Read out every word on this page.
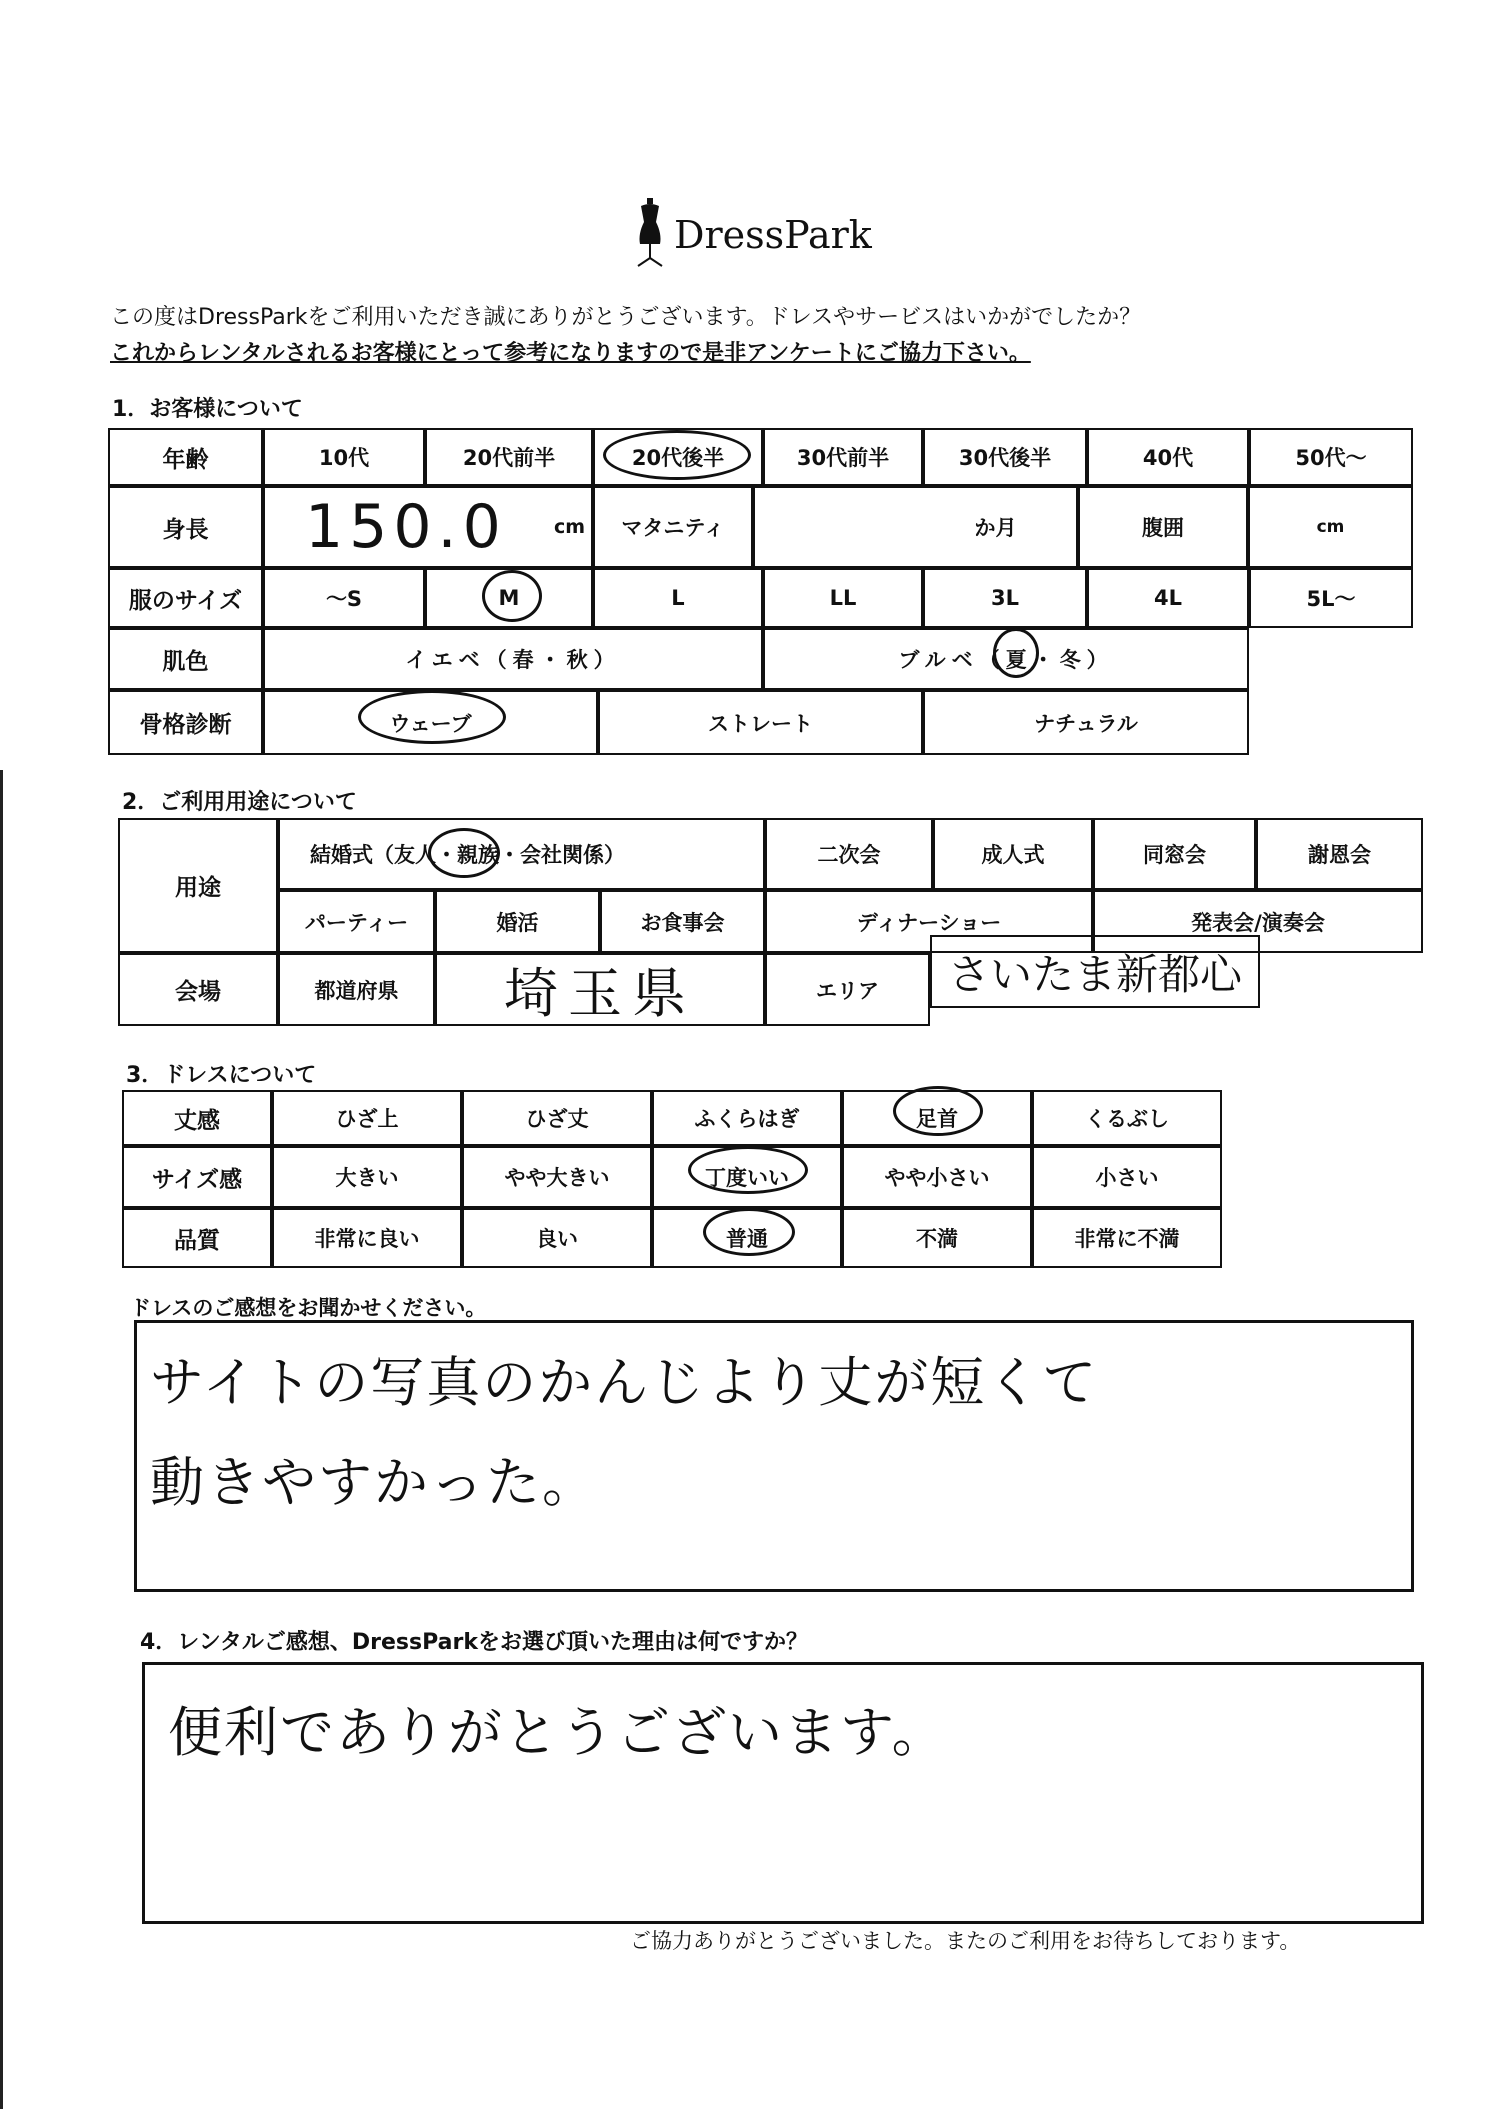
DressPark
この度はDressParkをご利用いただき誠にありがとうございます。ドレスやサービスはいかがでしたか？
これからレンタルされるお客様にとって参考になりますので是非アンケートにご協力下さい。
1．お客様について
年齢	10代	20代前半	20代後半	30代前半	30代後半	40代	50代～
身長	150.0 cm	マタニティ	か月	腹囲	cm
服のサイズ	～S	M	L	LL	3L	4L	5L～
肌色	イエベ（春・秋）	ブルベ（ 夏 ・冬）
骨格診断	ウェーブ	ストレート	ナチュラル
2．ご利用用途について
用途
結婚式（ 友人 ・親族・会社関係）	二次会	成人式	同窓会	謝恩会
パーティー	婚活	お食事会	ディナーショー	発表会/演奏会
会場	都道府県	埼玉県	エリア	さいたま新都心
3．ドレスについて
丈感	ひざ上	ひざ丈	ふくらはぎ	足首	くるぶし
サイズ感	大きい	やや大きい	丁度いい	やや小さい	小さい
品質	非常に良い	良い	普通	不満	非常に不満
ドレスのご感想をお聞かせください。
サイトの写真のかんじより丈が短くて
動きやすかった。
4．レンタルご感想、DressParkをお選び頂いた理由は何ですか？
便利でありがとうございます。
ご協力ありがとうございました。またのご利用をお待ちしております。
